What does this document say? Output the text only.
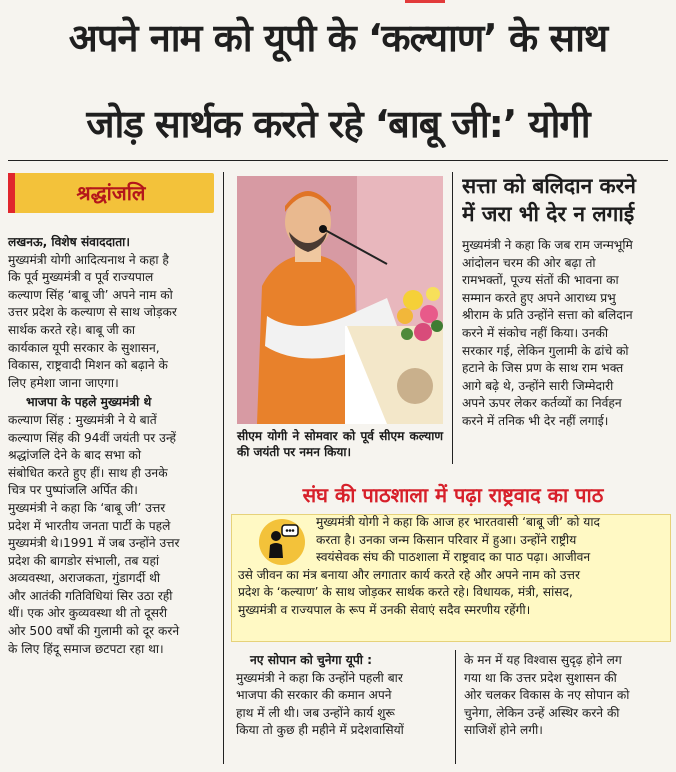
अपने नाम को यूपी के ‘कल्याण’ के साथ
जोड़ सार्थक करते रहे ‘बाबू जी:’ योगी
श्रद्धांजलि

लखनऊ, विशेष संवाददाता।
मुख्यमंत्री योगी आदित्यनाथ ने कहा है
कि पूर्व मुख्यमंत्री व पूर्व राज्यपाल
कल्याण सिंह ‘बाबू जी’ अपने नाम को
उत्तर प्रदेश के कल्याण से साथ जोड़कर
सार्थक करते रहे। बाबू जी का
कार्यकाल यूपी सरकार के सुशासन,
विकास, राष्ट्रवादी मिशन को बढ़ाने के
लिए हमेशा जाना जाएगा।

भाजपा के पहले मुख्यमंत्री थे
कल्याण सिंह : मुख्यमंत्री ने ये बातें
कल्याण सिंह की 94वीं जयंती पर उन्हें
श्रद्धांजलि देने के बाद सभा को
संबोधित करते हुए हीं। साथ ही उनके
चित्र पर पुष्पांजलि अर्पित की।
मुख्यमंत्री ने कहा कि ‘बाबू जी’ उत्तर
प्रदेश में भारतीय जनता पार्टी के पहले
मुख्यमंत्री थे।1991 में जब उन्होंने उत्तर
प्रदेश की बागडोर संभाली, तब यहां
अव्यवस्था, अराजकता, गुंडागर्दी थी
और आतंकी गतिविधियां सिर उठा रही
थीं। एक ओर कुव्यवस्था थी तो दूसरी
ओर 500 वर्षों की गुलामी को दूर करने
के लिए हिंदू समाज छटपटा रहा था।

सीएम योगी ने सोमवार को पूर्व सीएम कल्याण की जयंती पर नमन किया।
सत्ता को बलिदान करने
में जरा भी देर न लगाई

मुख्यमंत्री ने कहा कि जब राम जन्मभूमि
आंदोलन चरम की ओर बढ़ा तो
रामभक्तों, पूज्य संतों की भावना का
सम्मान करते हुए अपने आराध्य प्रभु
श्रीराम के प्रति उन्होंने सत्ता को बलिदान
करने में संकोच नहीं किया। उनकी
सरकार गई, लेकिन गुलामी के ढांचे को
हटाने के जिस प्रण के साथ राम भक्त
आगे बढ़े थे, उन्होंने सारी जिम्मेदारी
अपने ऊपर लेकर कर्तव्यों का निर्वहन
करने में तनिक भी देर नहीं लगाई।

संघ की पाठशाला में पढ़ा राष्ट्रवाद का पाठ

मुख्यमंत्री योगी ने कहा कि आज हर भारतवासी ‘बाबू जी’ को याद
करता है। उनका जन्म किसान परिवार में हुआ। उन्होंने राष्ट्रीय
स्वयंसेवक संघ की पाठशाला में राष्ट्रवाद का पाठ पढ़ा। आजीवन
उसे जीवन का मंत्र बनाया और लगातार कार्य करते रहे और अपने नाम को उत्तर
प्रदेश के ‘कल्याण’ के साथ जोड़कर सार्थक करते रहे। विधायक, मंत्री, सांसद,
मुख्यमंत्री व राज्यपाल के रूप में उनकी सेवाएं सदैव स्मरणीय रहेंगी।

नए सोपान को चुनेगा यूपी :
मुख्यमंत्री ने कहा कि उन्होंने पहली बार
भाजपा की सरकार की कमान अपने
हाथ में ली थी। जब उन्होंने कार्य शुरू
किया तो कुछ ही महीने में प्रदेशवासियों

के मन में यह विश्वास सुदृढ़ होने लग
गया था कि उत्तर प्रदेश सुशासन की
ओर चलकर विकास के नए सोपान को
चुनेगा, लेकिन उन्हें अस्थिर करने की
साजिशें होने लगी।
